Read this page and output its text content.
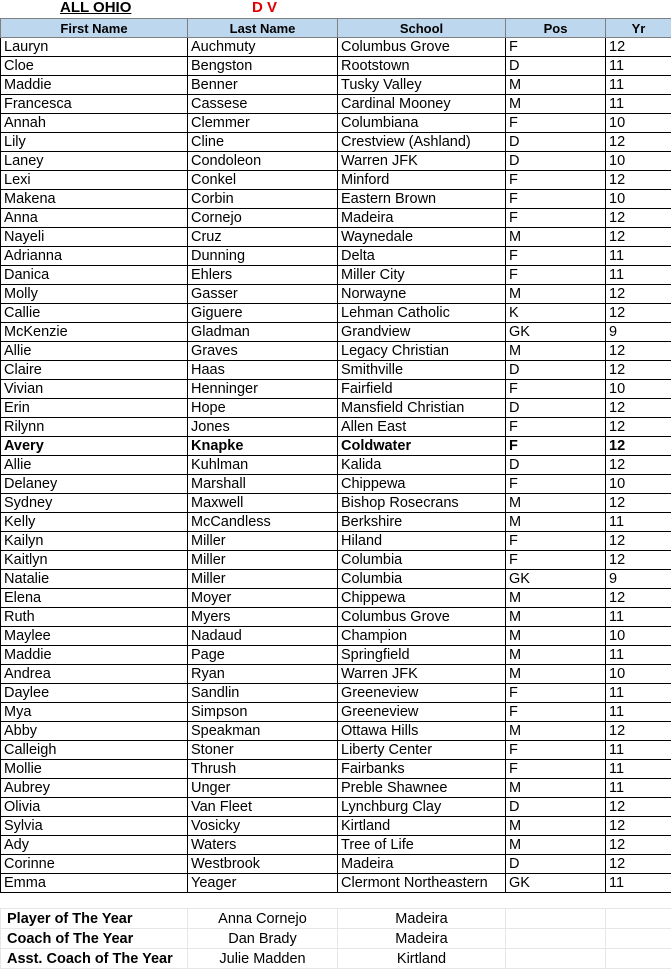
ALL OHIO	D V
First Name	Last Name	School	Pos	Yr
Lauryn	Auchmuty	Columbus Grove	F	12
Cloe	Bengston	Rootstown	D	11
Maddie	Benner	Tusky Valley	M	11
Francesca	Cassese	Cardinal Mooney	M	11
Annah	Clemmer	Columbiana	F	10
Lily	Cline	Crestview (Ashland)	D	12
Laney	Condoleon	Warren JFK	D	10
Lexi	Conkel	Minford	F	12
Makena	Corbin	Eastern Brown	F	10
Anna	Cornejo	Madeira	F	12
Nayeli	Cruz	Waynedale	M	12
Adrianna	Dunning	Delta	F	11
Danica	Ehlers	Miller City	F	11
Molly	Gasser	Norwayne	M	12
Callie	Giguere	Lehman Catholic	K	12
McKenzie	Gladman	Grandview	GK	9
Allie	Graves	Legacy Christian	M	12
Claire	Haas	Smithville	D	12
Vivian	Henninger	Fairfield	F	10
Erin	Hope	Mansfield Christian	D	12
Rilynn	Jones	Allen East	F	12
Avery	Knapke	Coldwater	F	12
Allie	Kuhlman	Kalida	D	12
Delaney	Marshall	Chippewa	F	10
Sydney	Maxwell	Bishop Rosecrans	M	12
Kelly	McCandless	Berkshire	M	11
Kailyn	Miller	Hiland	F	12
Kaitlyn	Miller	Columbia	F	12
Natalie	Miller	Columbia	GK	9
Elena	Moyer	Chippewa	M	12
Ruth	Myers	Columbus Grove	M	11
Maylee	Nadaud	Champion	M	10
Maddie	Page	Springfield	M	11
Andrea	Ryan	Warren JFK	M	10
Daylee	Sandlin	Greeneview	F	11
Mya	Simpson	Greeneview	F	11
Abby	Speakman	Ottawa Hills	M	12
Calleigh	Stoner	Liberty Center	F	11
Mollie	Thrush	Fairbanks	F	11
Aubrey	Unger	Preble Shawnee	M	11
Olivia	Van Fleet	Lynchburg Clay	D	12
Sylvia	Vosicky	Kirtland	M	12
Ady	Waters	Tree of Life	M	12
Corinne	Westbrook	Madeira	D	12
Emma	Yeager	Clermont Northeastern	GK	11
Player of The Year	Anna Cornejo	Madeira		
Coach of The Year	Dan Brady	Madeira		
Asst. Coach of The Year	Julie Madden	Kirtland		
